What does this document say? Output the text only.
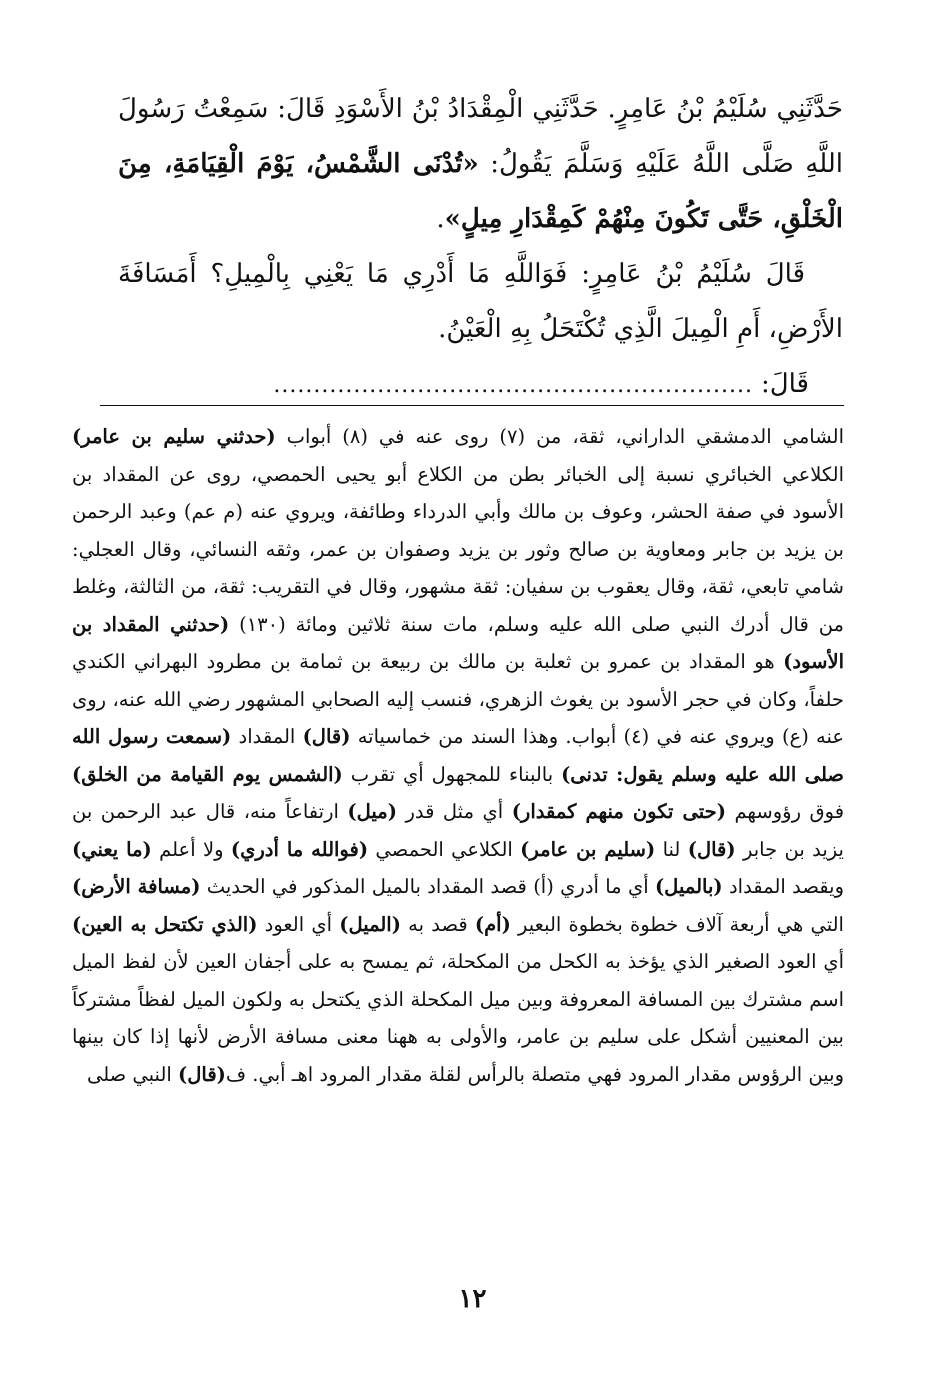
حَدَّثَنِي سُلَيْمُ بْنُ عَامِرٍ. حَدَّثَنِي الْمِقْدَادُ بْنُ الأَسْوَدِ قَالَ: سَمِعْتُ رَسُولَ اللَّهِ صَلَّى اللَّهُ عَلَيْهِ وَسَلَّمَ يَقُولُ: «تُدْنَى الشَّمْسُ، يَوْمَ الْقِيَامَةِ، مِنَ الْخَلْقِ، حَتَّى تَكُونَ مِنْهُمْ كَمِقْدَارِ مِيلٍ».

قَالَ سُلَيْمُ بْنُ عَامِرٍ: فَوَاللَّهِ مَا أَدْرِي مَا يَعْنِي بِالْمِيلِ؟ أَمَسَافَةَ الأَرْضِ، أَمِ الْمِيلَ الَّذِي تُكْتَحَلُ بِهِ الْعَيْنُ.

قَالَ:
............................................................
الشامي الدمشقي الداراني، ثقة، من (٧) روى عنه في (٨) أبواب (حدثني سليم بن عامر) الكلاعي الخبائري نسبة إلى الخبائر بطن من الكلاع أبو يحيى الحمصي، روى عن المقداد بن الأسود في صفة الحشر، وعوف بن مالك وأبي الدرداء وطائفة، ويروي عنه (م عم) وعبد الرحمن بن يزيد بن جابر ومعاوية بن صالح وثور بن يزيد وصفوان بن عمر، وثقه النسائي، وقال العجلي: شامي تابعي، ثقة، وقال يعقوب بن سفيان: ثقة مشهور، وقال في التقريب: ثقة، من الثالثة، وغلط من قال أدرك النبي صلى الله عليه وسلم، مات سنة ثلاثين ومائة (١٣٠) (حدثني المقداد بن الأسود) هو المقداد بن عمرو بن ثعلبة بن مالك بن ربيعة بن ثمامة بن مطرود البهراني الكندي حلفاً، وكان في حجر الأسود بن يغوث الزهري، فنسب إليه الصحابي المشهور رضي الله عنه، روى عنه (ع) ويروي عنه في (٤) أبواب. وهذا السند من خماسياته (قال) المقداد (سمعت رسول الله صلى الله عليه وسلم يقول: تدنى) بالبناء للمجهول أي تقرب (الشمس يوم القيامة من الخلق) فوق رؤوسهم (حتى تكون منهم كمقدار) أي مثل قدر (ميل) ارتفاعاً منه، قال عبد الرحمن بن يزيد بن جابر (قال) لنا (سليم بن عامر) الكلاعي الحمصي (فوالله ما أدري) ولا أعلم (ما يعني) ويقصد المقداد (بالميل) أي ما أدري (أ) قصد المقداد بالميل المذكور في الحديث (مسافة الأرض) التي هي أربعة آلاف خطوة بخطوة البعير (أم) قصد به (الميل) أي العود (الذي تكتحل به العين) أي العود الصغير الذي يؤخذ به الكحل من المكحلة، ثم يمسح به على أجفان العين لأن لفظ الميل اسم مشترك بين المسافة المعروفة وبين ميل المكحلة الذي يكتحل به ولكون الميل لفظاً مشتركاً بين المعنيين أشكل على سليم بن عامر، والأولى به ههنا معنى مسافة الأرض لأنها إذا كان بينها وبين الرؤوس مقدار المرود فهي متصلة بالرأس لقلة مقدار المرود اهـ أبي. ف(قال) النبي صلى
١٢
